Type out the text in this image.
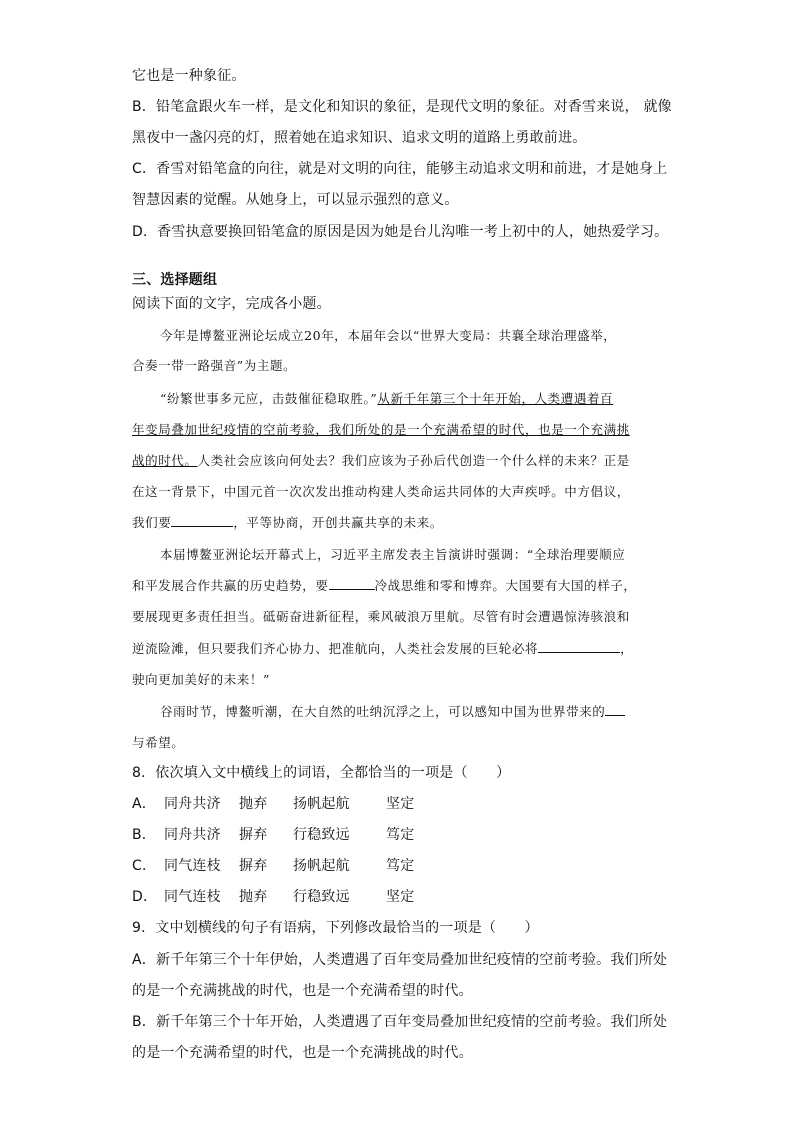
它也是一种象征。
B．铅笔盒跟火车一样，是文化和知识的象征，是现代文明的象征。对香雪来说， 就像
黑夜中一盏闪亮的灯，照着她在追求知识、追求文明的道路上勇敢前进。
C．香雪对铅笔盒的向往，就是对文明的向往，能够主动追求文明和前进，才是她身上
智慧因素的觉醒。从她身上，可以显示强烈的意义。
D．香雪执意要换回铅笔盒的原因是因为她是台儿沟唯一考上初中的人，她热爱学习。
三、选择题组
阅读下面的文字，完成各小题。
今年是博鳌亚洲论坛成立20年，本届年会以“世界大变局：共襄全球治理盛举，
合奏一带一路强音”为主题。
“纷繁世事多元应，击鼓催征稳取胜。”从新千年第三个十年开始，人类遭遇着百
年变局叠加世纪疫情的空前考验，我们所处的是一个充满希望的时代，也是一个充满挑
战的时代。人类社会应该向何处去？我们应该为子孙后代创造一个什么样的未来？正是
在这一背景下，中国元首一次次发出推动构建人类命运共同体的大声疾呼。中方倡议，
我们要	，平等协商，开创共赢共享的未来。
本届博鳌亚洲论坛开幕式上，习近平主席发表主旨演讲时强调：“全球治理要顺应
和平发展合作共赢的历史趋势，要	冷战思维和零和博弈。大国要有大国的样子，
要展现更多责任担当。砥砺奋进新征程，乘风破浪万里航。尽管有时会遭遇惊涛骇浪和
逆流险滩，但只要我们齐心协力、把准航向，人类社会发展的巨轮必将	，
驶向更加美好的未来！”
谷雨时节，博鳌听潮，在大自然的吐纳沉浮之上，可以感知中国为世界带来的
与希望。
8．依次填入文中横线上的词语，全都恰当的一项是（　　）
A． 同舟共济 抛弃 扬帆起航	坚定
B． 同舟共济 摒弃 行稳致远	笃定
C． 同气连枝 摒弃 扬帆起航	笃定
D． 同气连枝 抛弃 行稳致远	坚定
9．文中划横线的句子有语病，下列修改最恰当的一项是（　　）
A．新千年第三个十年伊始，人类遭遇了百年变局叠加世纪疫情的空前考验。我们所处
的是一个充满挑战的时代，也是一个充满希望的时代。
B．新千年第三个十年开始，人类遭遇了百年变局叠加世纪疫情的空前考验。我们所处
的是一个充满希望的时代，也是一个充满挑战的时代。
